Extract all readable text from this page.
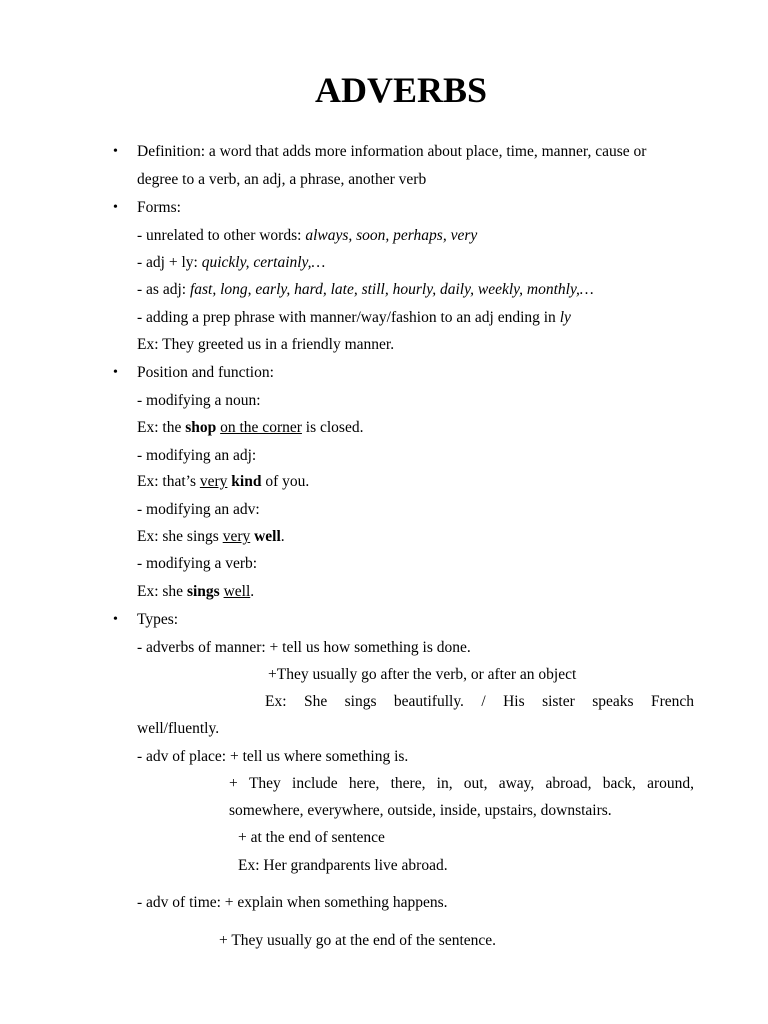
ADVERBS
•	Definition: a word that adds more information about place, time, manner, cause or
degree to a verb, an adj, a phrase, another verb
•	Forms:
- unrelated to other words: always, soon, perhaps, very
- adj + ly: quickly, certainly,…
- as adj: fast, long, early, hard, late, still, hourly, daily, weekly, monthly,…
- adding a prep phrase with manner/way/fashion to an adj ending in ly
Ex: They greeted us in a friendly manner.
•	Position and function:
- modifying a noun:
Ex: the shop on the corner is closed.
- modifying an adj:
Ex: that’s very kind of you.
- modifying an adv:
Ex: she sings very well.
- modifying a verb:
Ex: she sings well.
•	Types:
- adverbs of manner: + tell us how something is done.
+They usually go after the verb, or after an object
Ex: She sings beautifully. / His sister speaks French
well/fluently.
- adv of place: + tell us where something is.
+ They include here, there, in, out, away, abroad, back, around,
somewhere, everywhere, outside, inside, upstairs, downstairs.
+ at the end of sentence
Ex: Her grandparents live abroad.
- adv of time: + explain when something happens.
+ They usually go at the end of the sentence.
